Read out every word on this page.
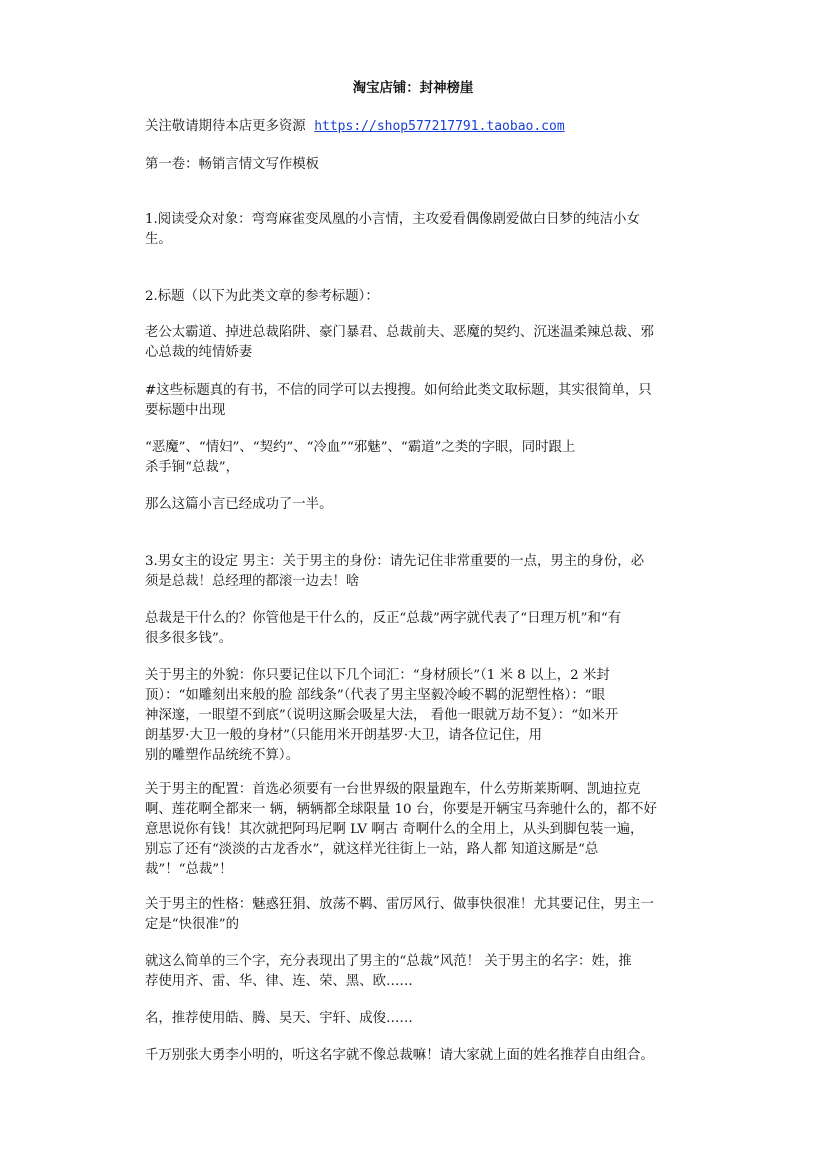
淘宝店铺：封神榜崖
关注敬请期待本店更多资源 https://shop577217791.taobao.com
第一卷：畅销言情文写作模板
1.阅读受众对象：弯弯麻雀变凤凰的小言情，主攻爱看偶像剧爱做白日梦的纯洁小女
生。
2.标题（以下为此类文章的参考标题）：
老公太霸道、掉进总裁陷阱、豪门暴君、总裁前夫、恶魔的契约、沉迷温柔辣总裁、邪
心总裁的纯情娇妻
#这些标题真的有书，不信的同学可以去搜搜。如何给此类文取标题，其实很简单，只
要标题中出现
“恶魔”、“情妇”、“契约”、“冷血”“邪魅”、“霸道”之类的字眼，同时跟上
杀手锏“总裁”，
那么这篇小言已经成功了一半。
3.男女主的设定 男主：关于男主的身份：请先记住非常重要的一点，男主的身份，必
须是总裁！总经理的都滚一边去！啥
总裁是干什么的？你管他是干什么的，反正“总裁”两字就代表了“日理万机”和“有
很多很多钱”。
关于男主的外貌：你只要记住以下几个词汇：“身材颀长”（1 米 8 以上，2 米封
顶）：“如雕刻出来般的脸 部线条”（代表了男主坚毅冷峻不羁的泥塑性格）：“眼
神深邃，一眼望不到底”（说明这厮会吸星大法， 看他一眼就万劫不复）：“如米开
朗基罗·大卫一般的身材”（只能用米开朗基罗·大卫，请各位记住，用
别的雕塑作品统统不算）。
关于男主的配置：首选必须要有一台世界级的限量跑车，什么劳斯莱斯啊、凯迪拉克
啊、莲花啊全都来一 辆，辆辆都全球限量 10 台，你要是开辆宝马奔驰什么的，都不好
意思说你有钱！其次就把阿玛尼啊 LV 啊古 奇啊什么的全用上，从头到脚包装一遍，
别忘了还有“淡淡的古龙香水”，就这样光往街上一站，路人都 知道这厮是“总
裁”！“总裁”！
关于男主的性格：魅惑狂狷、放荡不羁、雷厉风行、做事快很准！尤其要记住，男主一
定是“快很准”的
就这么简单的三个字，充分表现出了男主的“总裁”风范！ 关于男主的名字：姓，推
荐使用齐、雷、华、律、连、荣、黑、欧……
名，推荐使用皓、腾、昊天、宇轩、成俊……
千万别张大勇李小明的，听这名字就不像总裁嘛！请大家就上面的姓名推荐自由组合。
